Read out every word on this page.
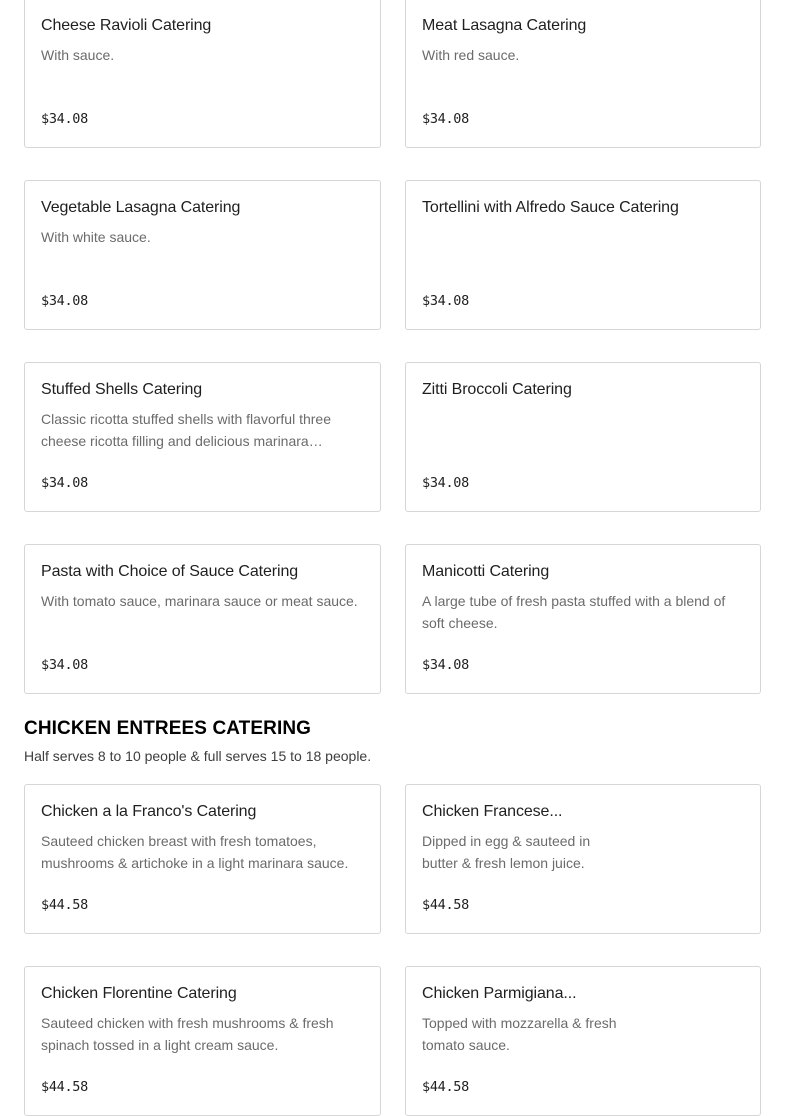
Cheese Ravioli Catering
With sauce.
$34.08
Meat Lasagna Catering
With red sauce.
$34.08
Vegetable Lasagna Catering
With white sauce.
$34.08
Tortellini with Alfredo Sauce Catering
$34.08
Stuffed Shells Catering
Classic ricotta stuffed shells with flavorful three cheese ricotta filling and delicious marinara…
$34.08
Zitti Broccoli Catering
$34.08
Pasta with Choice of Sauce Catering
With tomato sauce, marinara sauce or meat sauce.
$34.08
Manicotti Catering
A large tube of fresh pasta stuffed with a blend of soft cheese.
$34.08
CHICKEN ENTREES CATERING
Half serves 8 to 10 people & full serves 15 to 18 people.
Chicken a la Franco's Catering
Sauteed chicken breast with fresh tomatoes, mushrooms & artichoke in a light marinara sauce.
$44.58
Chicken Francese...
Dipped in egg & sauteed in butter & fresh lemon juice.
$44.58
Chicken Florentine Catering
Sauteed chicken with fresh mushrooms & fresh spinach tossed in a light cream sauce.
$44.58
Chicken Parmigiana...
Topped with mozzarella & fresh tomato sauce.
$44.58
